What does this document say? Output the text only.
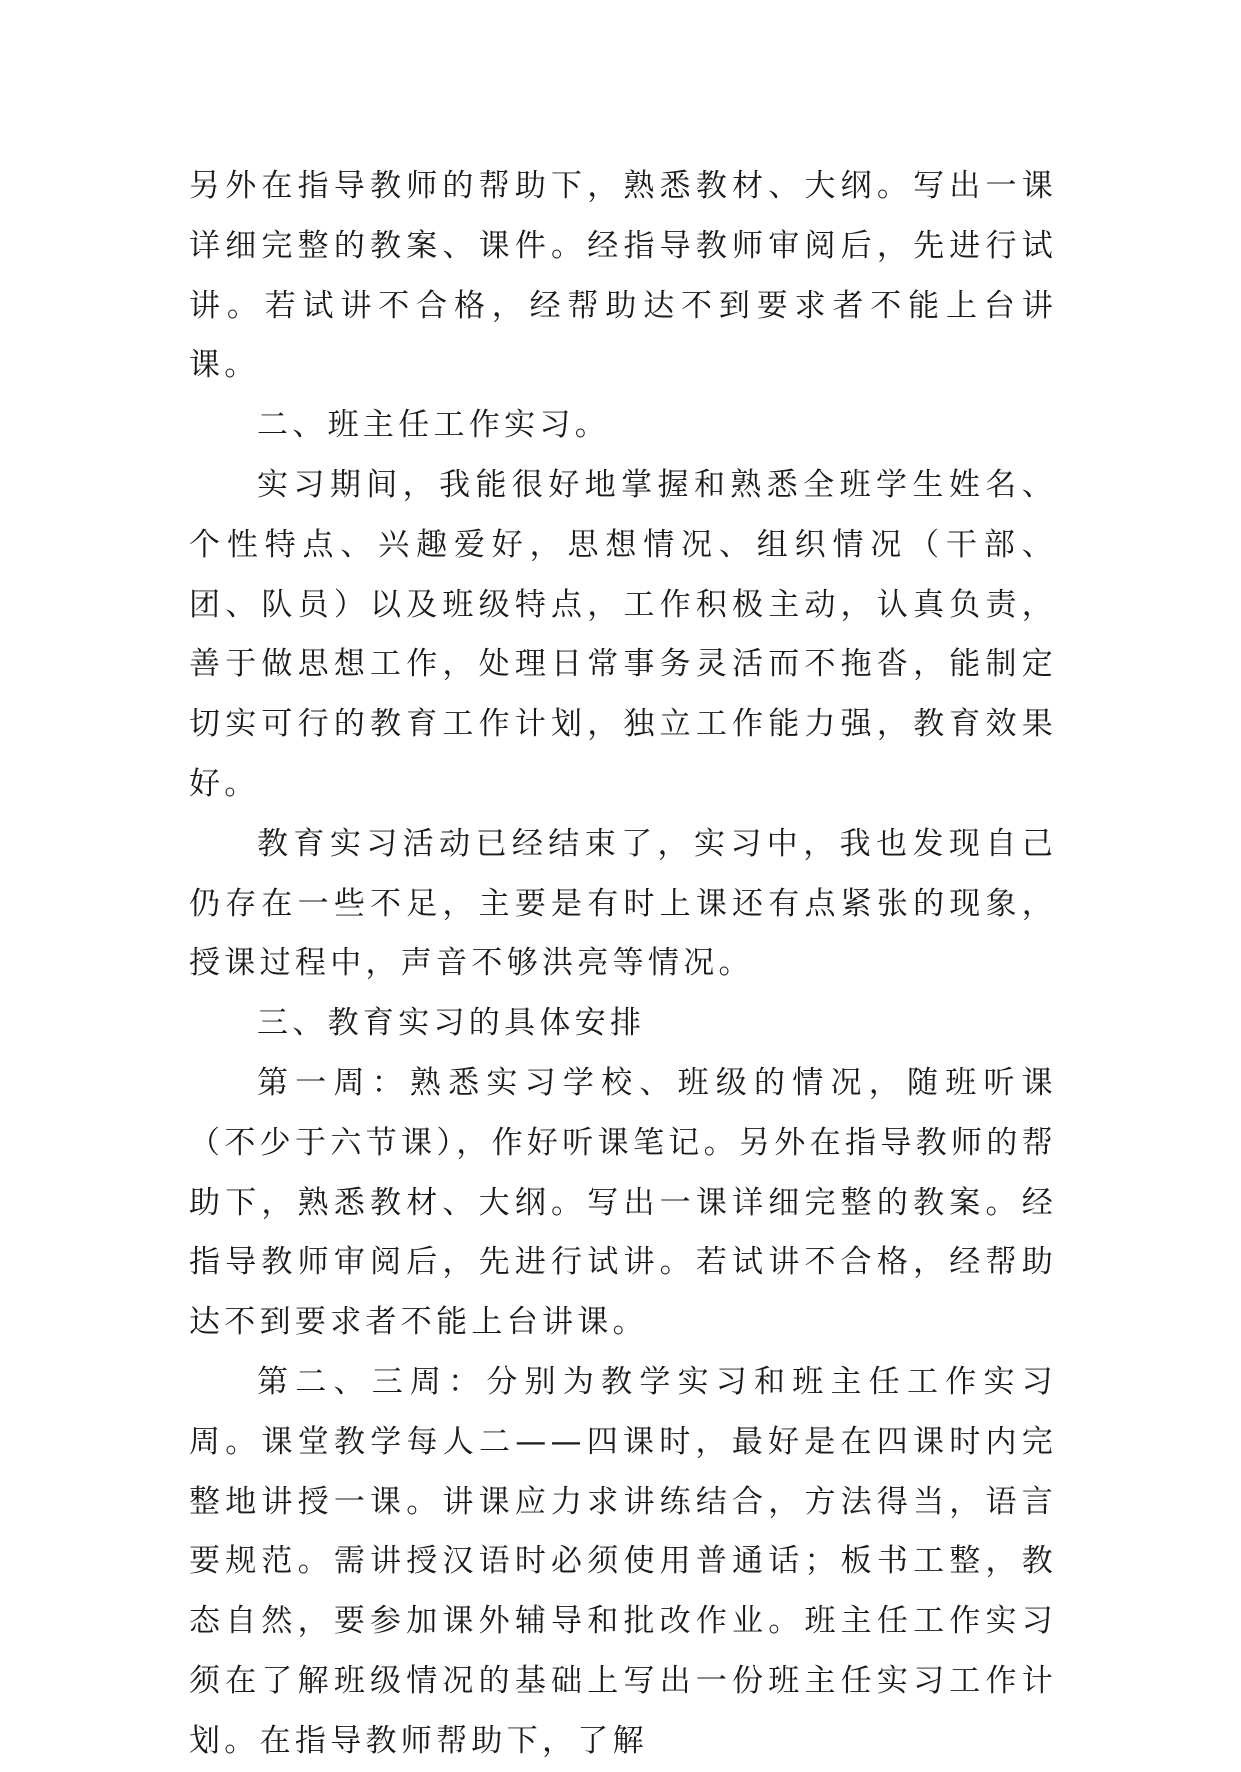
另外在指导教师的帮助下，熟悉教材、大纲。写出一课详细完整的教案、课件。经指导教师审阅后，先进行试讲。若试讲不合格，经帮助达不到要求者不能上台讲课。

二、班主任工作实习。

实习期间，我能很好地掌握和熟悉全班学生姓名、个性特点、兴趣爱好，思想情况、组织情况（干部、团、队员）以及班级特点，工作积极主动，认真负责，善于做思想工作，处理日常事务灵活而不拖沓，能制定切实可行的教育工作计划，独立工作能力强，教育效果好。

教育实习活动已经结束了，实习中，我也发现自己仍存在一些不足，主要是有时上课还有点紧张的现象，授课过程中，声音不够洪亮等情况。

三、教育实习的具体安排

第一周：熟悉实习学校、班级的情况，随班听课（不少于六节课），作好听课笔记。另外在指导教师的帮助下，熟悉教材、大纲。写出一课详细完整的教案。经指导教师审阅后，先进行试讲。若试讲不合格，经帮助达不到要求者不能上台讲课。

第二、三周：分别为教学实习和班主任工作实习周。课堂教学每人二——四课时，最好是在四课时内完整地讲授一课。讲课应力求讲练结合，方法得当，语言要规范。需讲授汉语时必须使用普通话；板书工整，教态自然，要参加课外辅导和批改作业。班主任工作实习须在了解班级情况的基础上写出一份班主任实习工作计划。在指导教师帮助下，了解
